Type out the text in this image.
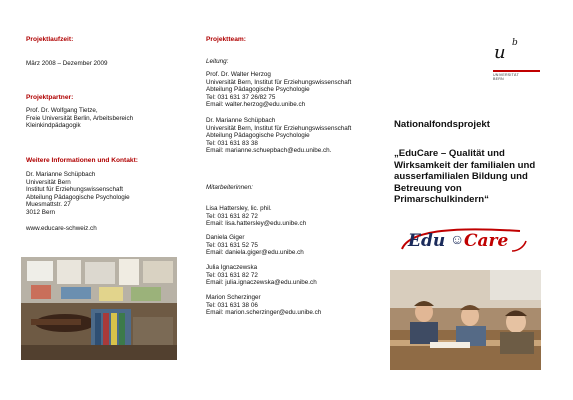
Projektlaufzeit:
März 2008 – Dezember 2009
Projektpartner:
Prof. Dr. Wolfgang Tietze,
Freie Universität Berlin, Arbeitsbereich
Kleinkindpädagogik
Weitere Informationen und Kontakt:
Dr. Marianne Schüpbach
Universität Bern
Institut für Erziehungswissenschaft
Abteilung Pädagogische Psychologie
Muesmattstr. 27
3012 Bern
www.educare-schweiz.ch
Projektteam:
Leitung:
Prof. Dr. Walter Herzog
Universität Bern, Institut für Erziehungswissenschaft
Abteilung Pädagogische Psychologie
Tel: 031 631 37 26/82 75
Email: walter.herzog@edu.unibe.ch
Dr. Marianne Schüpbach
Universität Bern, Institut für Erziehungswissenschaft
Abteilung Pädagogische Psychologie
Tel: 031 631 83 38
Email: marianne.schuepbach@edu.unibe.ch.
Mitarbeiterinnen:
Lisa Hattersley, lic. phil.
Tel: 031 631 82 72
Email: lisa.hattersley@edu.unibe.ch
Daniela Giger
Tel: 031 631 52 75
Email: daniela.giger@edu.unibe.ch
Julia Ignaczewska
Tel: 031 631 82 72
Email: julia.ignaczewska@edu.unibe.ch
Marion Scherzinger
Tel: 031 631 38 06
Email: marion.scherzinger@edu.unibe.ch
u b
UNIVERSITÄT
BERN
Nationalfondsprojekt
„EduCare – Qualität und Wirksamkeit der familialen und ausserfamilialen Bildung und Betreuung von Primarschulkindern“
Edu ☺ Care
